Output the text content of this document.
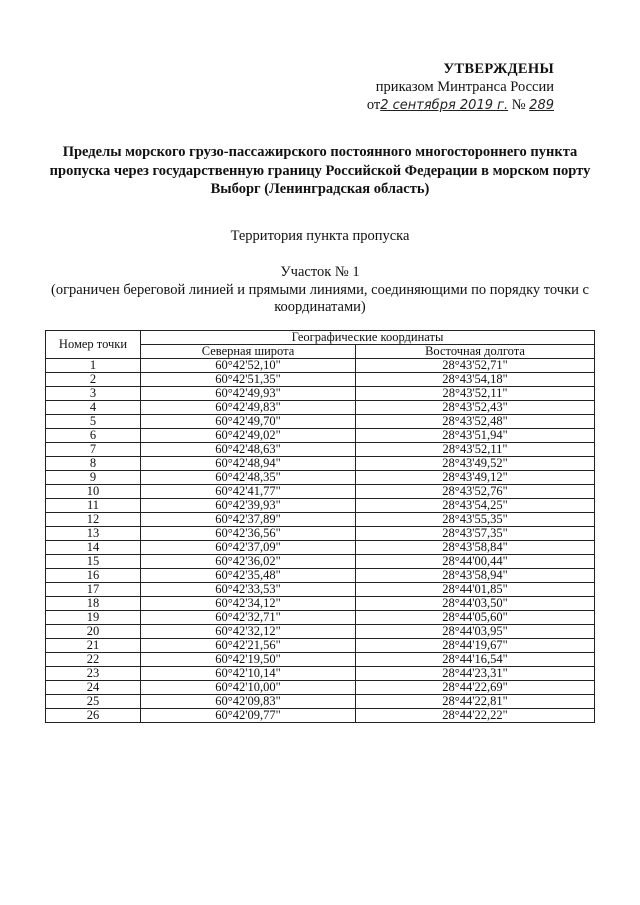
УТВЕРЖДЕНЫ
приказом Минтранса России
от2 сентября 2019 г. № 289
Пределы морского грузо-пассажирского постоянного многостороннего пункта пропуска через государственную границу Российской Федерации в морском порту Выборг (Ленинградская область)
Территория пункта пропуска
Участок № 1
(ограничен береговой линией и прямыми линиями, соединяющими по порядку точки с координатами)
Номер точки	Географические координаты	
	Северная широта	Восточная долгота
1	60°42'52,10"	28°43'52,71"
2	60°42'51,35"	28°43'54,18"
3	60°42'49,93"	28°43'52,11"
4	60°42'49,83"	28°43'52,43"
5	60°42'49,70"	28°43'52,48"
6	60°42'49,02"	28°43'51,94"
7	60°42'48,63"	28°43'52,11"
8	60°42'48,94"	28°43'49,52"
9	60°42'48,35"	28°43'49,12"
10	60°42'41,77"	28°43'52,76"
11	60°42'39,93"	28°43'54,25"
12	60°42'37,89"	28°43'55,35"
13	60°42'36,56"	28°43'57,35"
14	60°42'37,09"	28°43'58,84"
15	60°42'36,02"	28°44'00,44"
16	60°42'35,48"	28°43'58,94"
17	60°42'33,53"	28°44'01,85"
18	60°42'34,12"	28°44'03,50"
19	60°42'32,71"	28°44'05,60"
20	60°42'32,12"	28°44'03,95"
21	60°42'21,56"	28°44'19,67"
22	60°42'19,50"	28°44'16,54"
23	60°42'10,14"	28°44'23,31"
24	60°42'10,00"	28°44'22,69"
25	60°42'09,83"	28°44'22,81"
26	60°42'09,77"	28°44'22,22"
